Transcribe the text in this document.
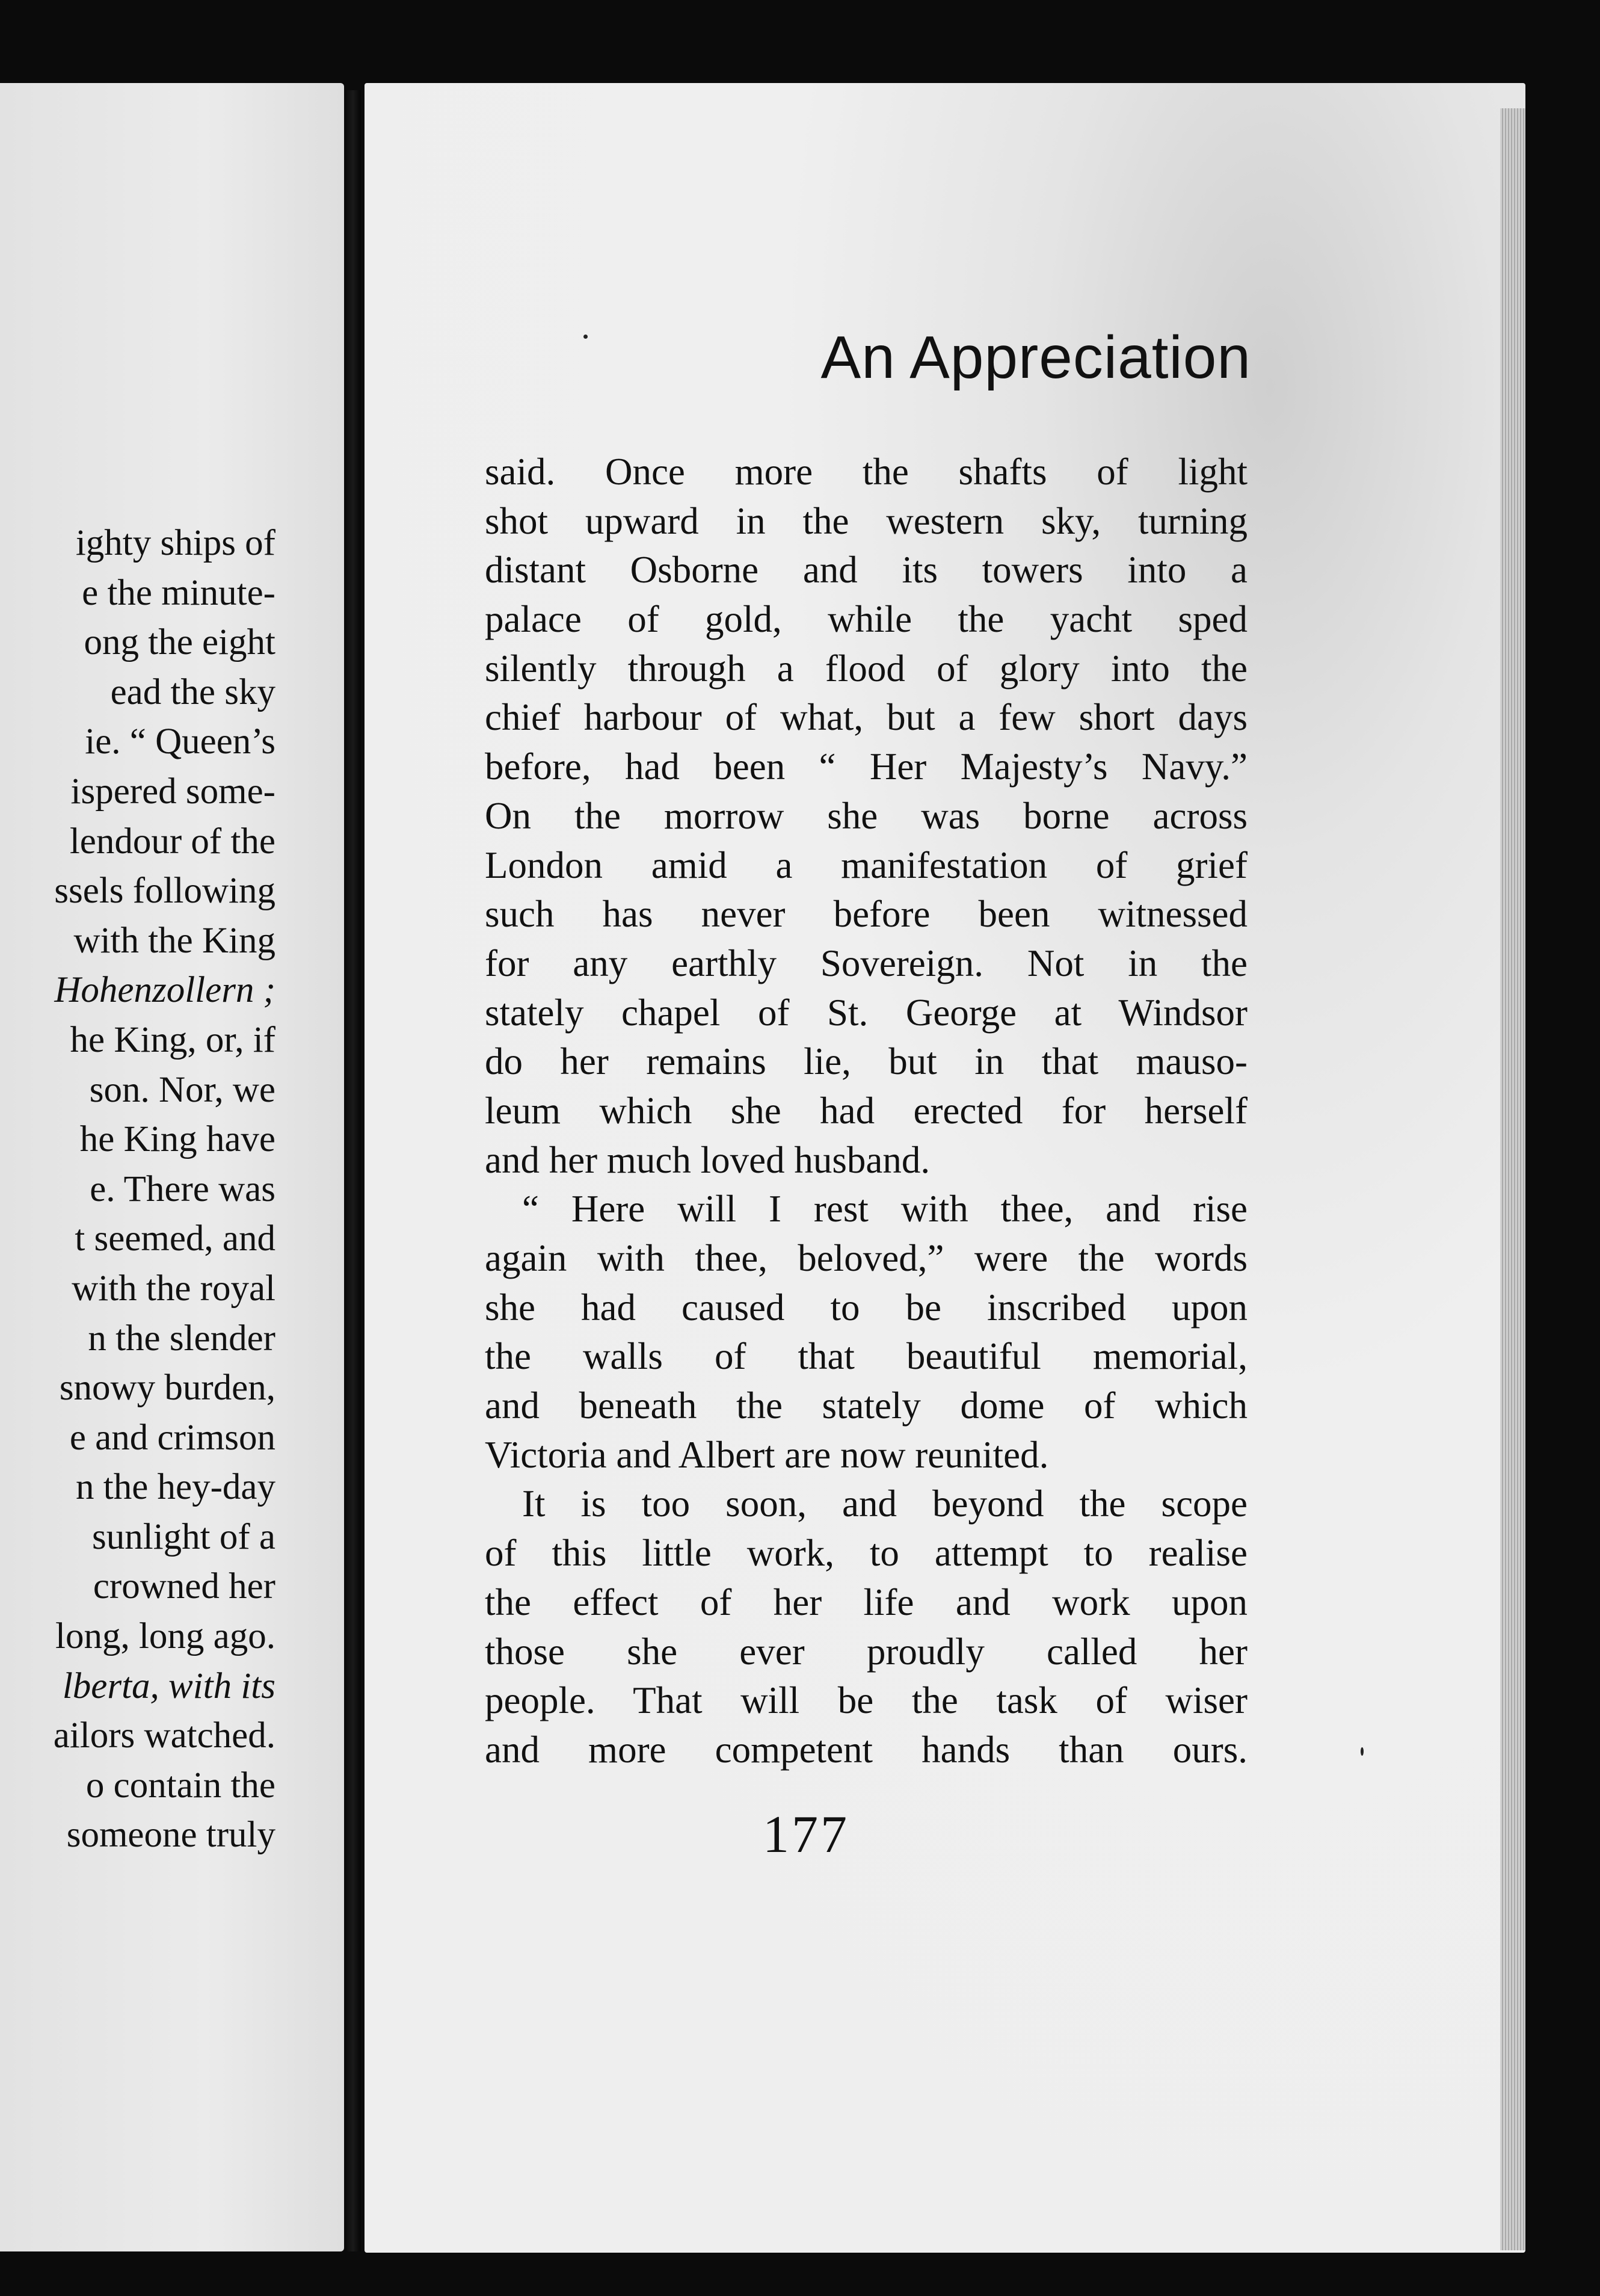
ighty ships of
e the minute-
ong the eight
ead the sky
ie. “ Queen’s
ispered some-
lendour of the
ssels following
with the King
Hohenzollern ;
he King, or, if
son. Nor, we
he King have
e. There was
t seemed, and
with the royal
n the slender
snowy burden,
e and crimson
n the hey-day
sunlight of a
crowned her
long, long ago.
lberta, with its
ailors watched.
o contain the
someone truly
An Appreciation
said. Once more the shafts of light
shot upward in the western sky, turning
distant Osborne and its towers into a
palace of gold, while the yacht sped
silently through a flood of glory into the
chief harbour of what, but a few short days
before, had been “ Her Majesty’s Navy.”
On the morrow she was borne across
London amid a manifestation of grief
such has never before been witnessed
for any earthly Sovereign. Not in the
stately chapel of St. George at Windsor
do her remains lie, but in that mauso-
leum which she had erected for herself
and her much loved husband.
“ Here will I rest with thee, and rise
again with thee, beloved,” were the words
she had caused to be inscribed upon
the walls of that beautiful memorial,
and beneath the stately dome of which
Victoria and Albert are now reunited.
It is too soon, and beyond the scope
of this little work, to attempt to realise
the effect of her life and work upon
those she ever proudly called her
people. That will be the task of wiser
and more competent hands than ours.
177
